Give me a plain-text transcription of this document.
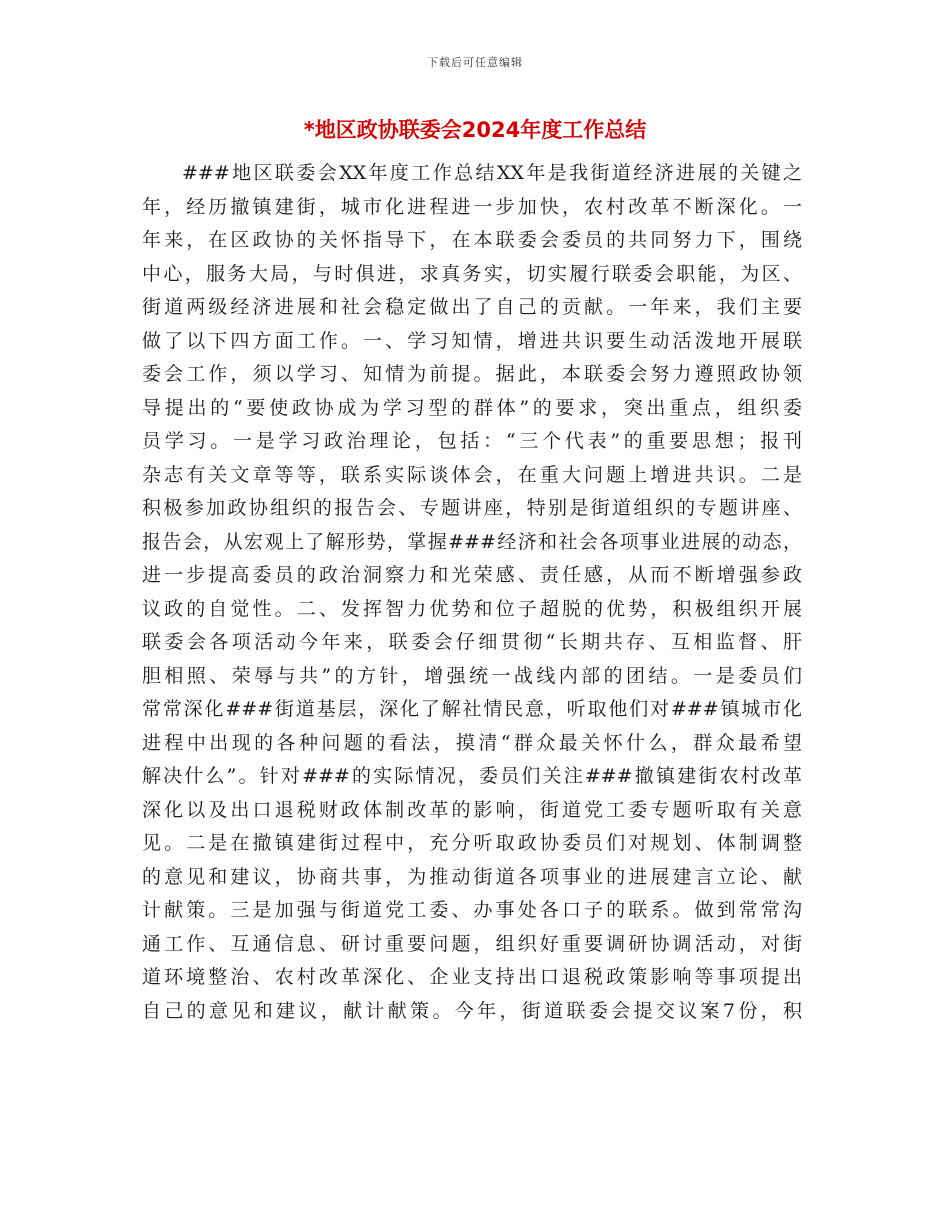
下载后可任意编辑
*地区政协联委会2024年度工作总结
###地区联委会XX年度工作总结XX年是我街道经济进展的关键之
年，经历撤镇建街，城市化进程进一步加快，农村改革不断深化。一
年来，在区政协的关怀指导下，在本联委会委员的共同努力下，围绕
中心，服务大局，与时俱进，求真务实，切实履行联委会职能，为区、
街道两级经济进展和社会稳定做出了自己的贡献。一年来，我们主要
做了以下四方面工作。一、学习知情，增进共识要生动活泼地开展联
委会工作，须以学习、知情为前提。据此，本联委会努力遵照政协领
导提出的“要使政协成为学习型的群体”的要求，突出重点，组织委
员学习。一是学习政治理论，包括：“三个代表”的重要思想；报刊
杂志有关文章等等，联系实际谈体会，在重大问题上增进共识。二是
积极参加政协组织的报告会、专题讲座，特别是街道组织的专题讲座、
报告会，从宏观上了解形势，掌握###经济和社会各项事业进展的动态，
进一步提高委员的政治洞察力和光荣感、责任感，从而不断增强参政
议政的自觉性。二、发挥智力优势和位子超脱的优势，积极组织开展
联委会各项活动今年来，联委会仔细贯彻“长期共存、互相监督、肝
胆相照、荣辱与共”的方针，增强统一战线内部的团结。一是委员们
常常深化###街道基层，深化了解社情民意，听取他们对###镇城市化
进程中出现的各种问题的看法，摸清“群众最关怀什么，群众最希望
解决什么”。针对###的实际情况，委员们关注###撤镇建街农村改革
深化以及出口退税财政体制改革的影响，街道党工委专题听取有关意
见。二是在撤镇建街过程中，充分听取政协委员们对规划、体制调整
的意见和建议，协商共事，为推动街道各项事业的进展建言立论、献
计献策。三是加强与街道党工委、办事处各口子的联系。做到常常沟
通工作、互通信息、研讨重要问题，组织好重要调研协调活动，对街
道环境整治、农村改革深化、企业支持出口退税政策影响等事项提出
自己的意见和建议，献计献策。今年，街道联委会提交议案7份，积
